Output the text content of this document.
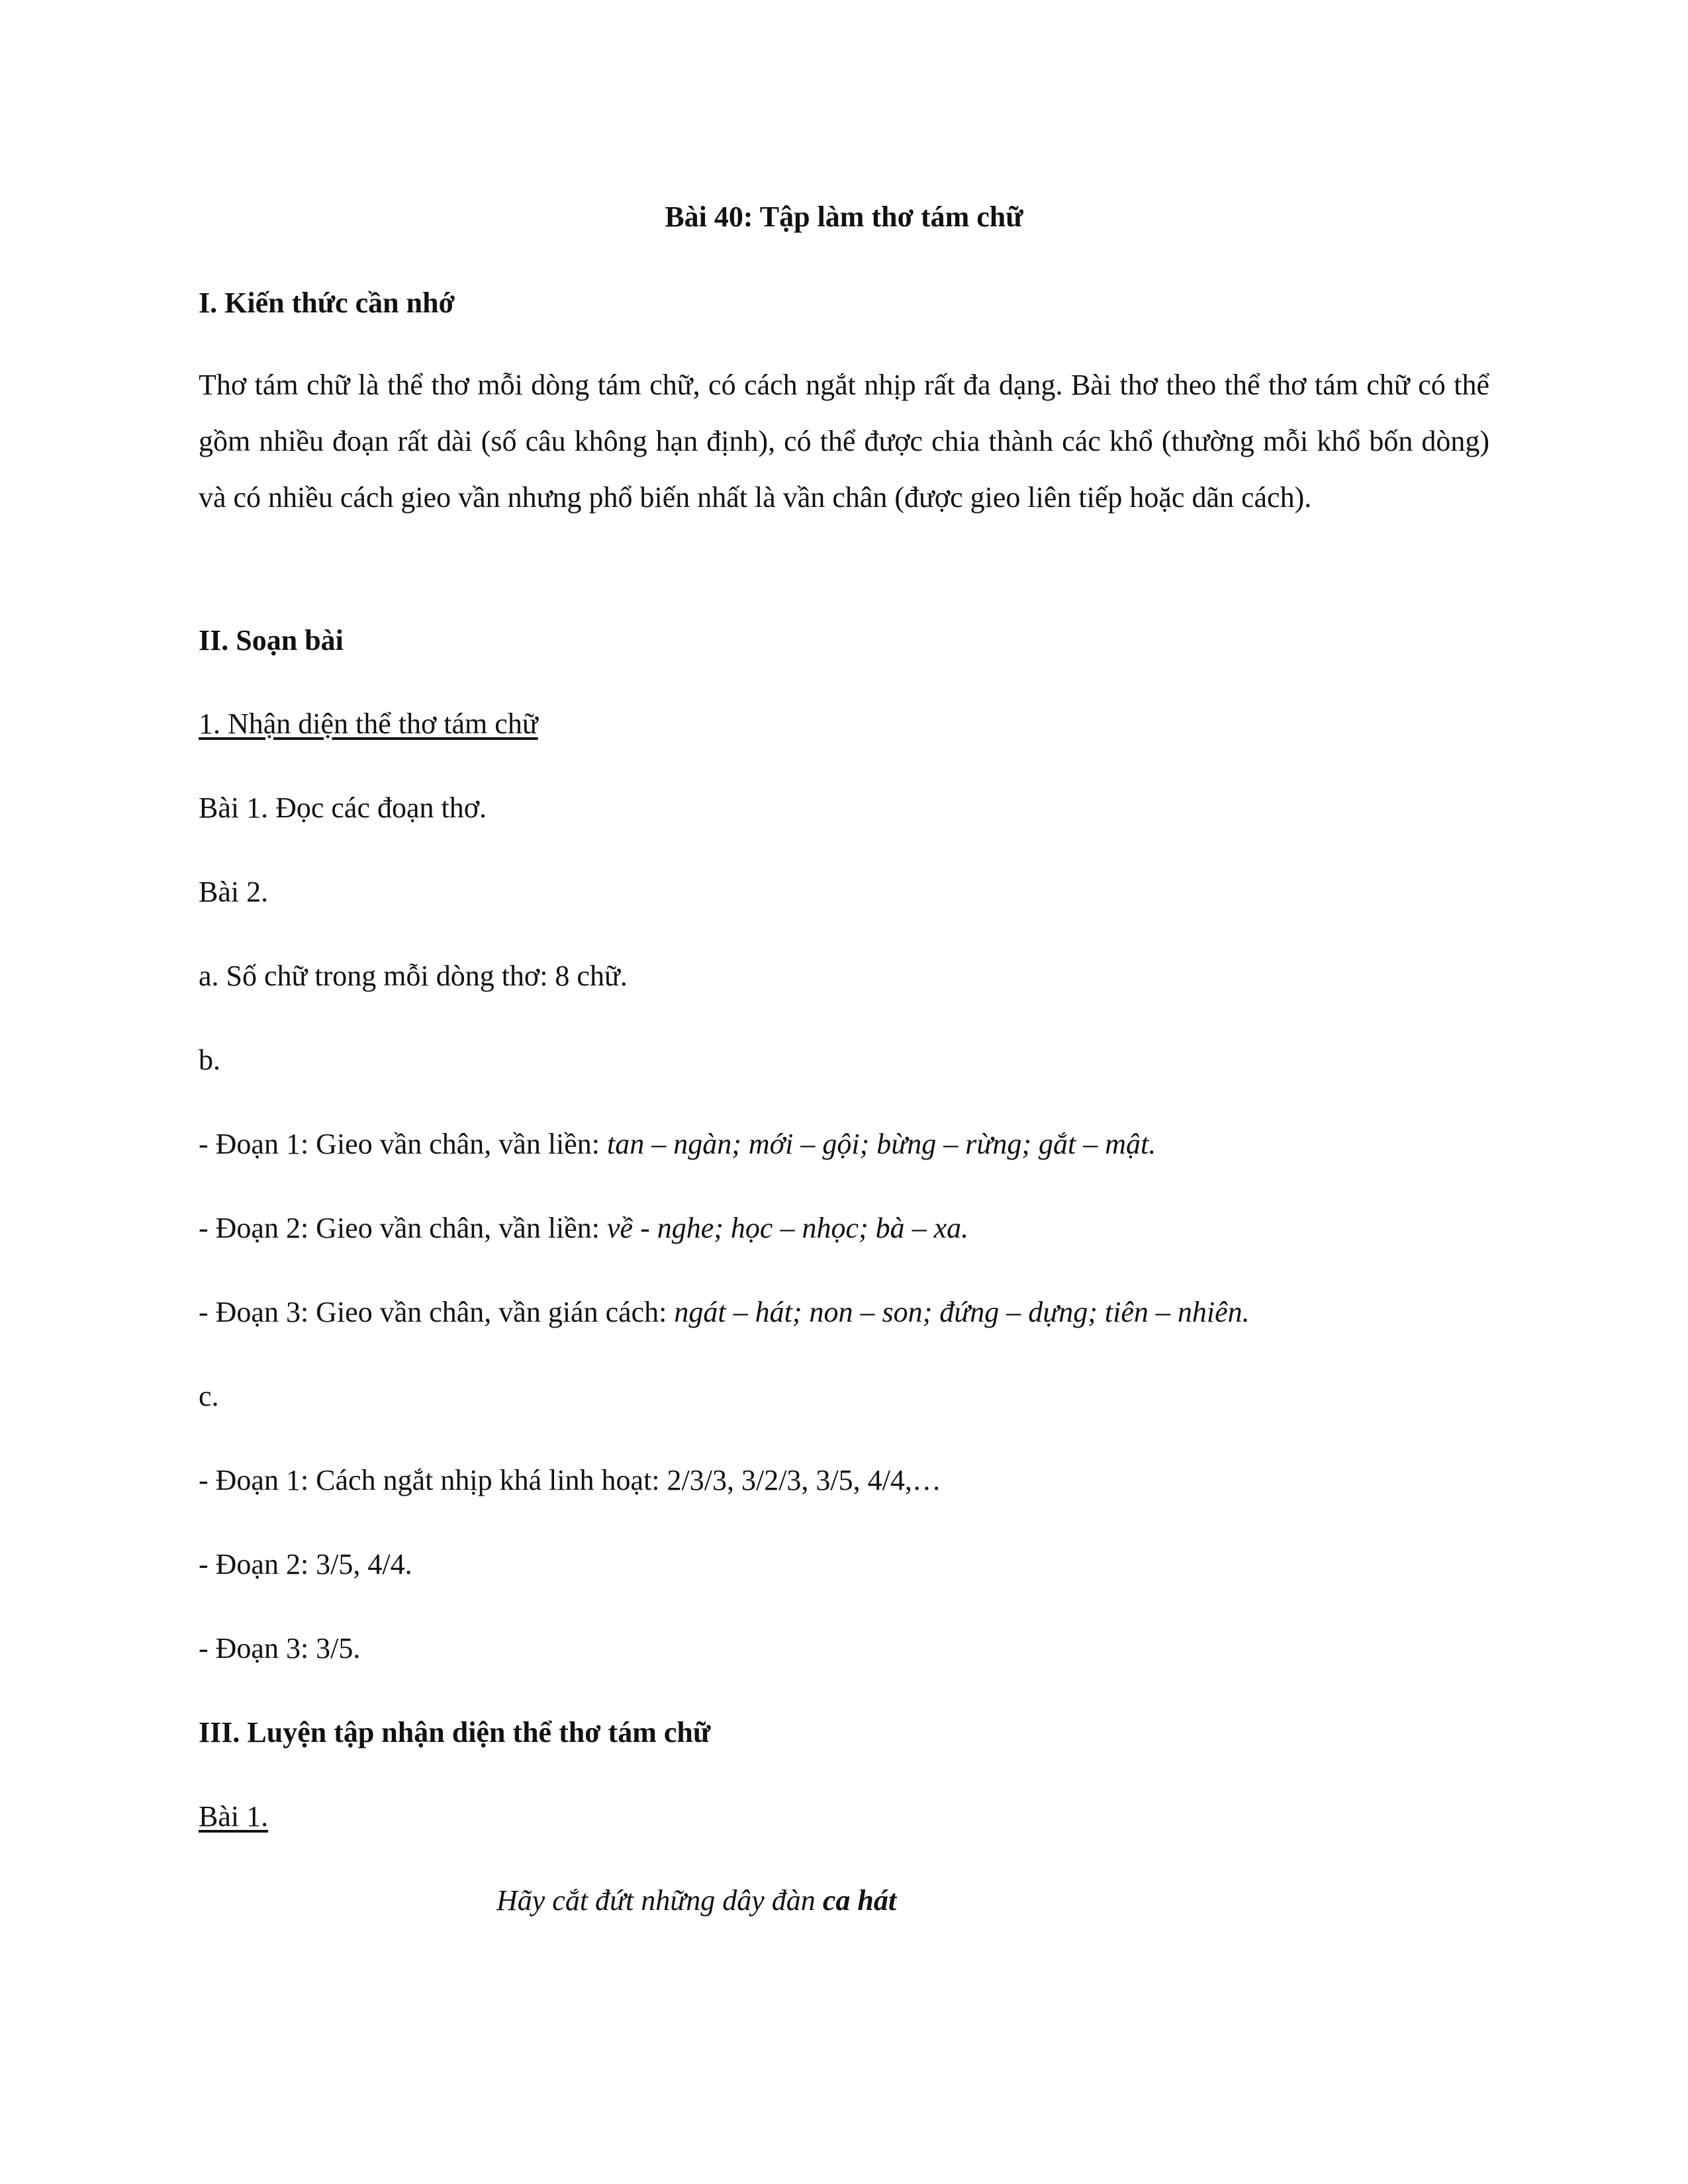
Bài 40: Tập làm thơ tám chữ
I. Kiến thức cần nhớ
Thơ tám chữ là thể thơ mỗi dòng tám chữ, có cách ngắt nhịp rất đa dạng. Bài thơ theo thể thơ tám chữ có thể gồm nhiều đoạn rất dài (số câu không hạn định), có thể được chia thành các khổ (thường mỗi khổ bốn dòng) và có nhiều cách gieo vần nhưng phổ biến nhất là vần chân (được gieo liên tiếp hoặc dãn cách).
II. Soạn bài
1. Nhận diện thể thơ tám chữ
Bài 1. Đọc các đoạn thơ.
Bài 2.
a. Số chữ trong mỗi dòng thơ: 8 chữ.
b.
- Đoạn 1: Gieo vần chân, vần liền: tan – ngàn; mới – gội; bừng – rừng; gắt – mật.
- Đoạn 2: Gieo vần chân, vần liền: về - nghe; học – nhọc; bà – xa.
- Đoạn 3: Gieo vần chân, vần gián cách: ngát – hát; non – son; đứng – dựng; tiên – nhiên.
c.
- Đoạn 1: Cách ngắt nhịp khá linh hoạt: 2/3/3, 3/2/3, 3/5, 4/4,…
- Đoạn 2: 3/5, 4/4.
- Đoạn 3: 3/5.
III. Luyện tập nhận diện thể thơ tám chữ
Bài 1.
Hãy cắt đứt những dây đàn ca hát
